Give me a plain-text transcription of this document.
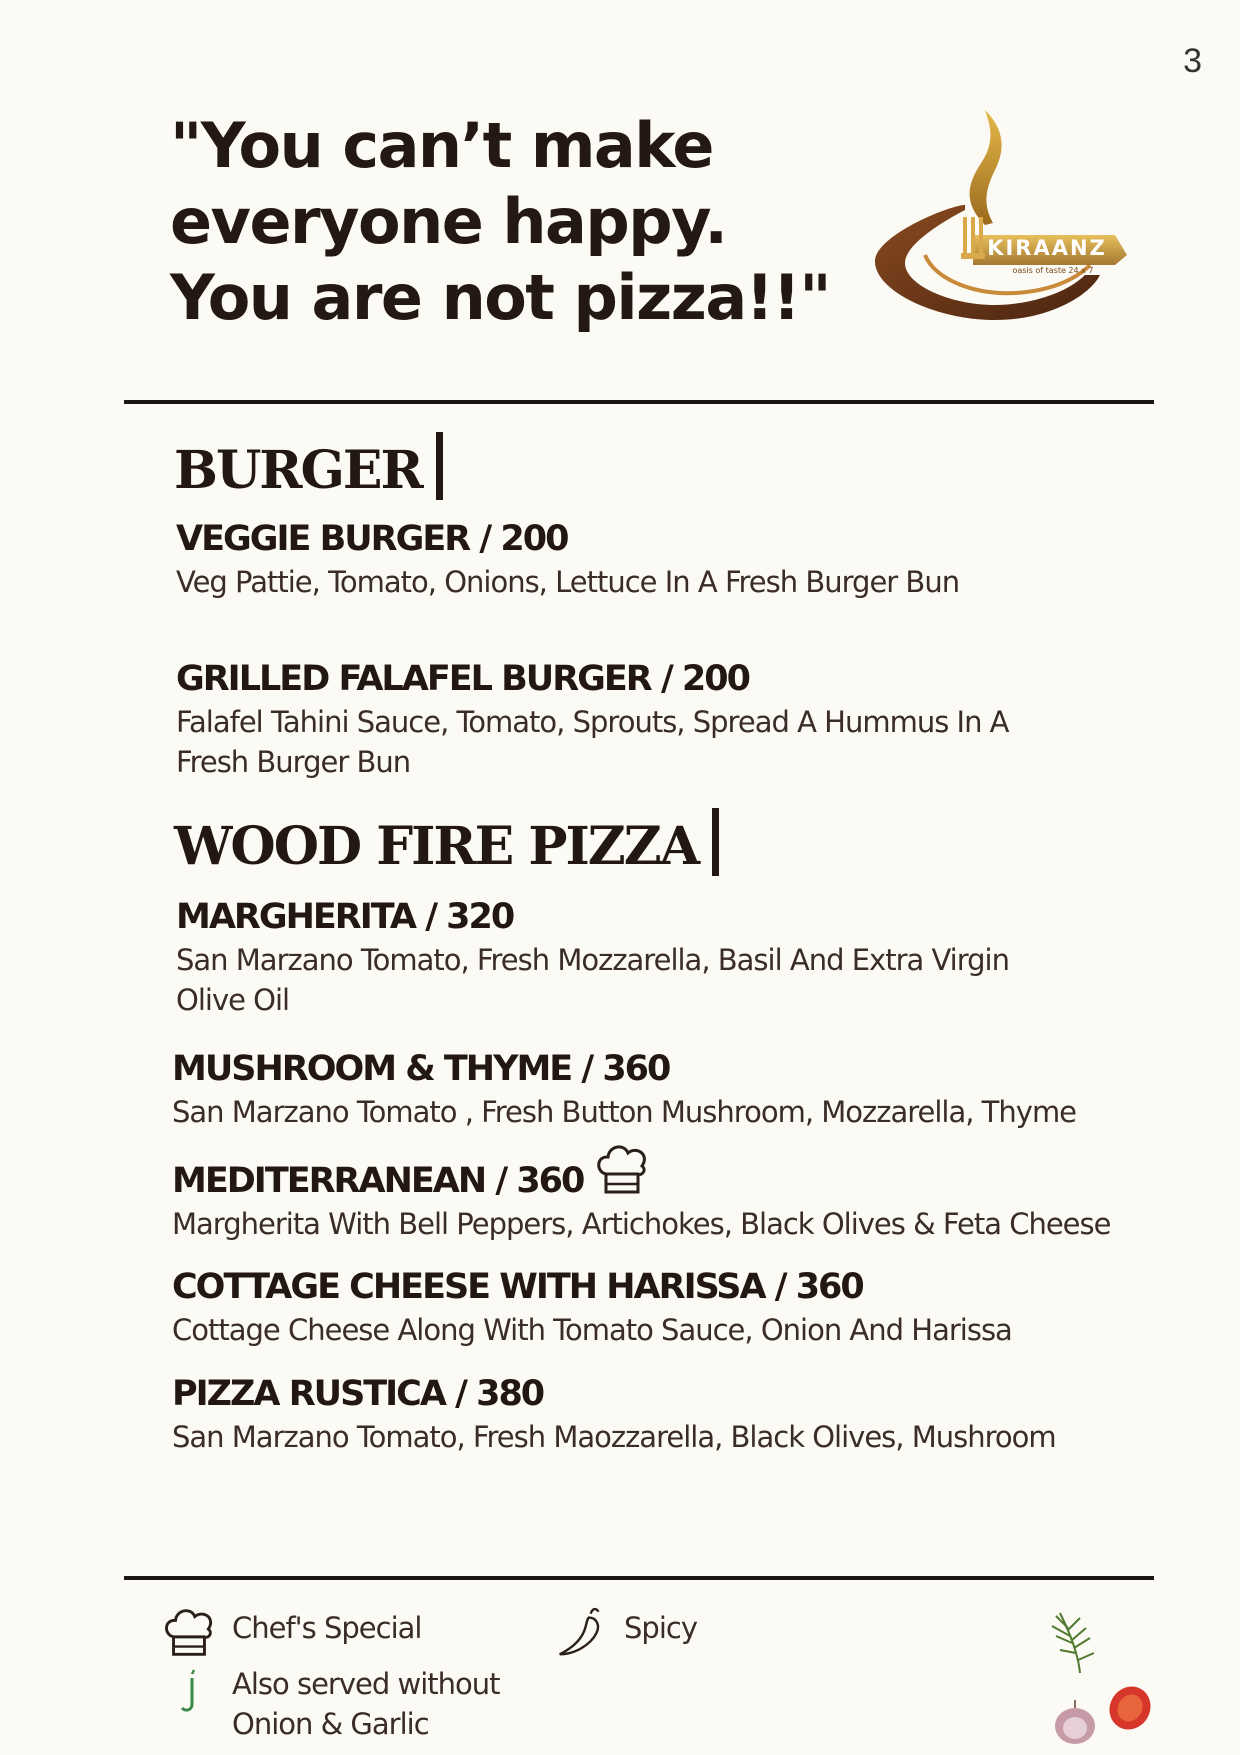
3
"You can’t make
everyone happy.
You are not pizza!!"
KIRAANZ
oasis of taste 24 x 7
BURGER
VEGGIE BURGER / 200
Veg Pattie, Tomato, Onions, Lettuce In A Fresh Burger Bun
GRILLED FALAFEL BURGER / 200
Falafel Tahini Sauce, Tomato, Sprouts, Spread A Hummus In A Fresh Burger Bun
WOOD FIRE PIZZA
MARGHERITA / 320
San Marzano Tomato, Fresh Mozzarella, Basil And Extra Virgin Olive Oil
MUSHROOM & THYME / 360
San Marzano Tomato , Fresh Button Mushroom, Mozzarella, Thyme
MEDITERRANEAN / 360
Margherita With Bell Peppers, Artichokes, Black Olives & Feta Cheese
COTTAGE CHEESE WITH HARISSA / 360
Cottage Cheese Along With Tomato Sauce, Onion And Harissa
PIZZA RUSTICA / 380
San Marzano Tomato, Fresh Maozzarella, Black Olives, Mushroom
Chef's Special	Spicy
Also served without Onion & Garlic
